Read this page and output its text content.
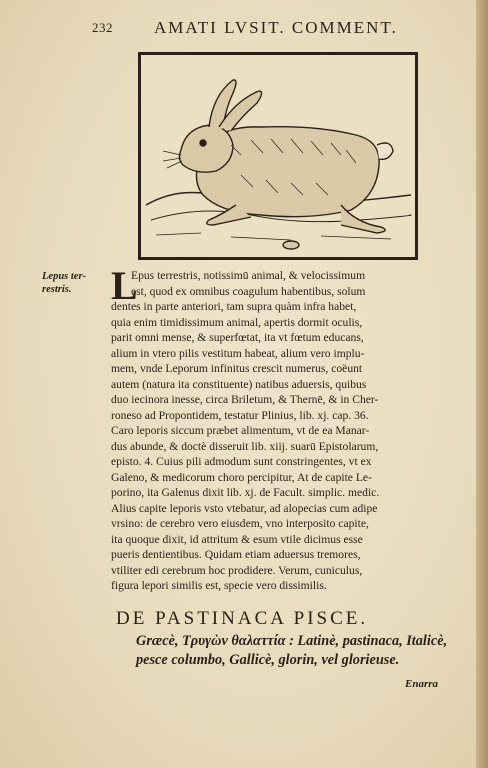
232 AMATI LVSIT. COMMENT.
Lepus ter-
restris. L
Epus terrestris, notissimū animal, & velocissimum
est, quod ex omnibus coagulum habentibus, solum
dentes in parte anteriori, tam supra quàm infra habet,
quia enim timidissimum animal, apertis dormit oculis,
parit omni mense, & superfœtat, ita vt fœtum educans,
alium in vtero pilis vestitum habeat, alium vero implu-
mem, vnde Leporum infinitus crescit numerus, coëunt
autem (natura ita constituente) natibus aduersis, quibus
duo iecinora inesse, circa Briletum, & Thernē, & in Cher-
roneso ad Propontidem, testatur Plinius, lib. xj. cap. 36.
Caro leporis siccum præbet alimentum, vt de ea Manar-
dus abunde, & doctè disseruit lib. xiij. suarū Epistolarum,
episto. 4. Cuius pili admodum sunt constringentes, vt ex
Galeno, & medicorum choro percipitur, At de capite Le-
porino, ita Galenus dixit lib. xj. de Facult. simplic. medic.
Alius capite leporis vsto vtebatur, ad alopecias cum adipe
vrsino: de cerebro vero eiusdem, vno interposito capite,
ita quoque dixit, id attritum & esum vtile dicimus esse
pueris dentientibus. Quidam etiam aduersus tremores,
vtiliter edi cerebrum hoc prodidere. Verum, cuniculus,
figura lepori similis est, specie vero dissimilis.
DE PASTINACA PISCE.
Græcè, Τρυγὼν θαλαττία : Latinè, pastinaca, Italicè,
pesce columbo, Gallicè, glorin, vel glorieuse.
Enarra
